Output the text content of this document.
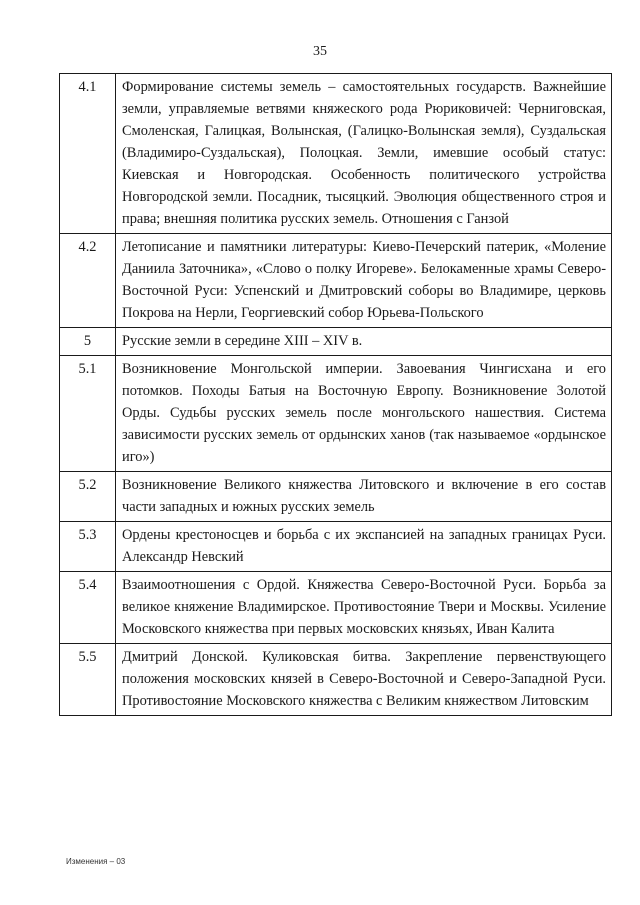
35
4.1	Формирование системы земель – самостоятельных государств. Важнейшие земли, управляемые ветвями княжеского рода Рюриковичей: Черниговская, Смоленская, Галицкая, Волынская, (Галицко-Волынская земля), Суздальская (Владимиро-Суздальская), Полоцкая. Земли, имевшие особый статус: Киевская и Новгородская. Особенность политического устройства Новгородской земли. Посадник, тысяцкий. Эволюция общественного строя и права; внешняя политика русских земель. Отношения с Ганзой
4.2	Летописание и памятники литературы: Киево-Печерский патерик, «Моление Даниила Заточника», «Слово о полку Игореве». Белокаменные храмы Северо-Восточной Руси: Успенский и Дмитровский соборы во Владимире, церковь Покрова на Нерли, Георгиевский собор Юрьева-Польского
5	Русские земли в середине XIII – XIV в.
5.1	Возникновение Монгольской империи. Завоевания Чингисхана и его потомков. Походы Батыя на Восточную Европу. Возникновение Золотой Орды. Судьбы русских земель после монгольского нашествия. Система зависимости русских земель от ордынских ханов (так называемое «ордынское иго»)
5.2	Возникновение Великого княжества Литовского и включение в его состав части западных и южных русских земель
5.3	Ордены крестоносцев и борьба с их экспансией на западных границах Руси. Александр Невский
5.4	Взаимоотношения с Ордой. Княжества Северо-Восточной Руси. Борьба за великое княжение Владимирское. Противостояние Твери и Москвы. Усиление Московского княжества при первых московских князьях, Иван Калита
5.5	Дмитрий Донской. Куликовская битва. Закрепление первенствующего положения московских князей в Северо-Восточной и Северо-Западной Руси. Противостояние Московского княжества с Великим княжеством Литовским
Изменения – 03
